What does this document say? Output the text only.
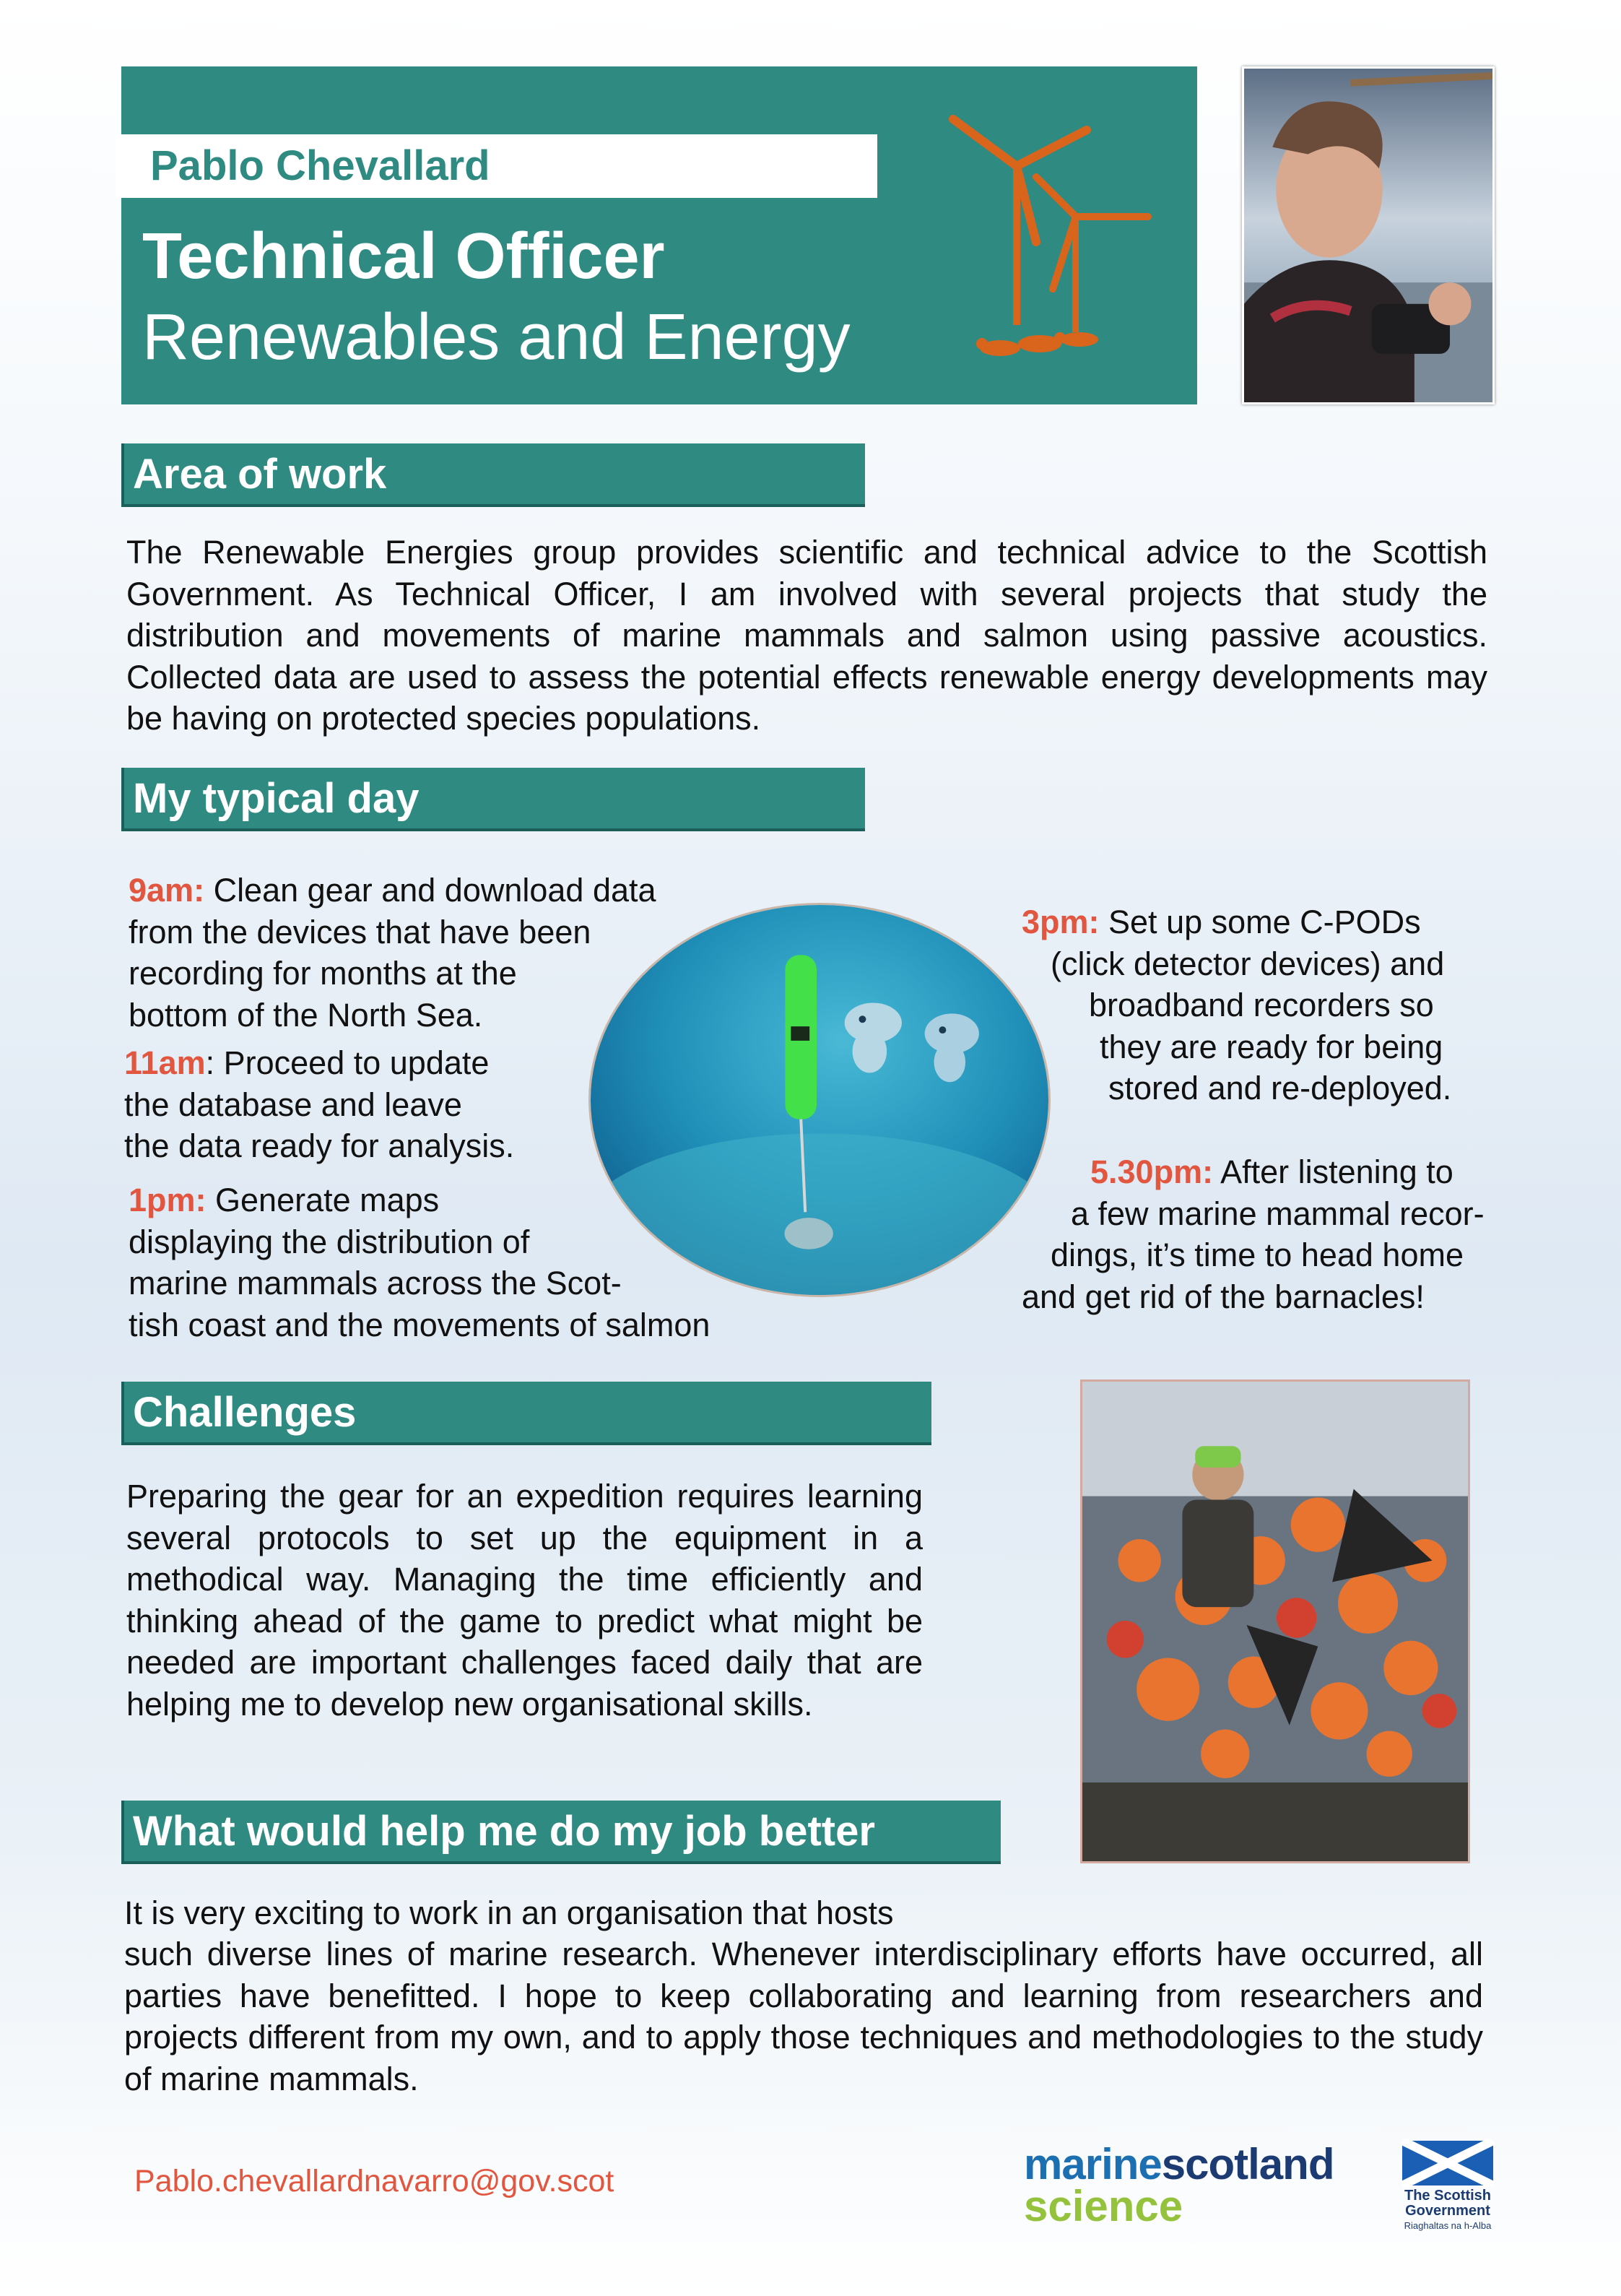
Pablo Chevallard
Technical Officer
Renewables and Energy
Area of work
The Renewable Energies group provides scientific and technical advice to the Scottish Government. As Technical Officer, I am involved with several projects that study the distribution and movements of marine mammals and salmon using passive acoustics. Collected data are used to assess the potential effects renewable energy developments may be having on protected species populations.
My typical day
9am: Clean gear and download data
from the devices that have been
recording for months at the
bottom of the North Sea.
11am: Proceed to update
the database and leave
the data ready for analysis.
1pm: Generate maps
displaying the distribution of
marine mammals across the Scot-
tish coast and the movements of salmon
3pm: Set up some C-PODs
(click detector devices) and
broadband recorders so
they are ready for being
stored and re-deployed.
5.30pm: After listening to
a few marine mammal recor-
dings, it’s time to head home
and get rid of the barnacles!
Challenges
Preparing the gear for an expedition requires learning several protocols to set up the equipment in a methodical way. Managing the time efficiently and thinking ahead of the game to predict what might be needed are important challenges faced daily that are helping me to develop new organisational skills.
What would help me do my job better
It is very exciting to work in an organisation that hosts
such diverse lines of marine research. Whenever interdisciplinary efforts have occurred, all parties have benefitted. I hope to keep collaborating and learning from researchers and projects different from my own, and to apply those techniques and methodologies to the study of marine mammals.
Pablo.chevallardnavarro@gov.scot	marinescotland
science	The Scottish Government
Riaghaltas na h-Alba
